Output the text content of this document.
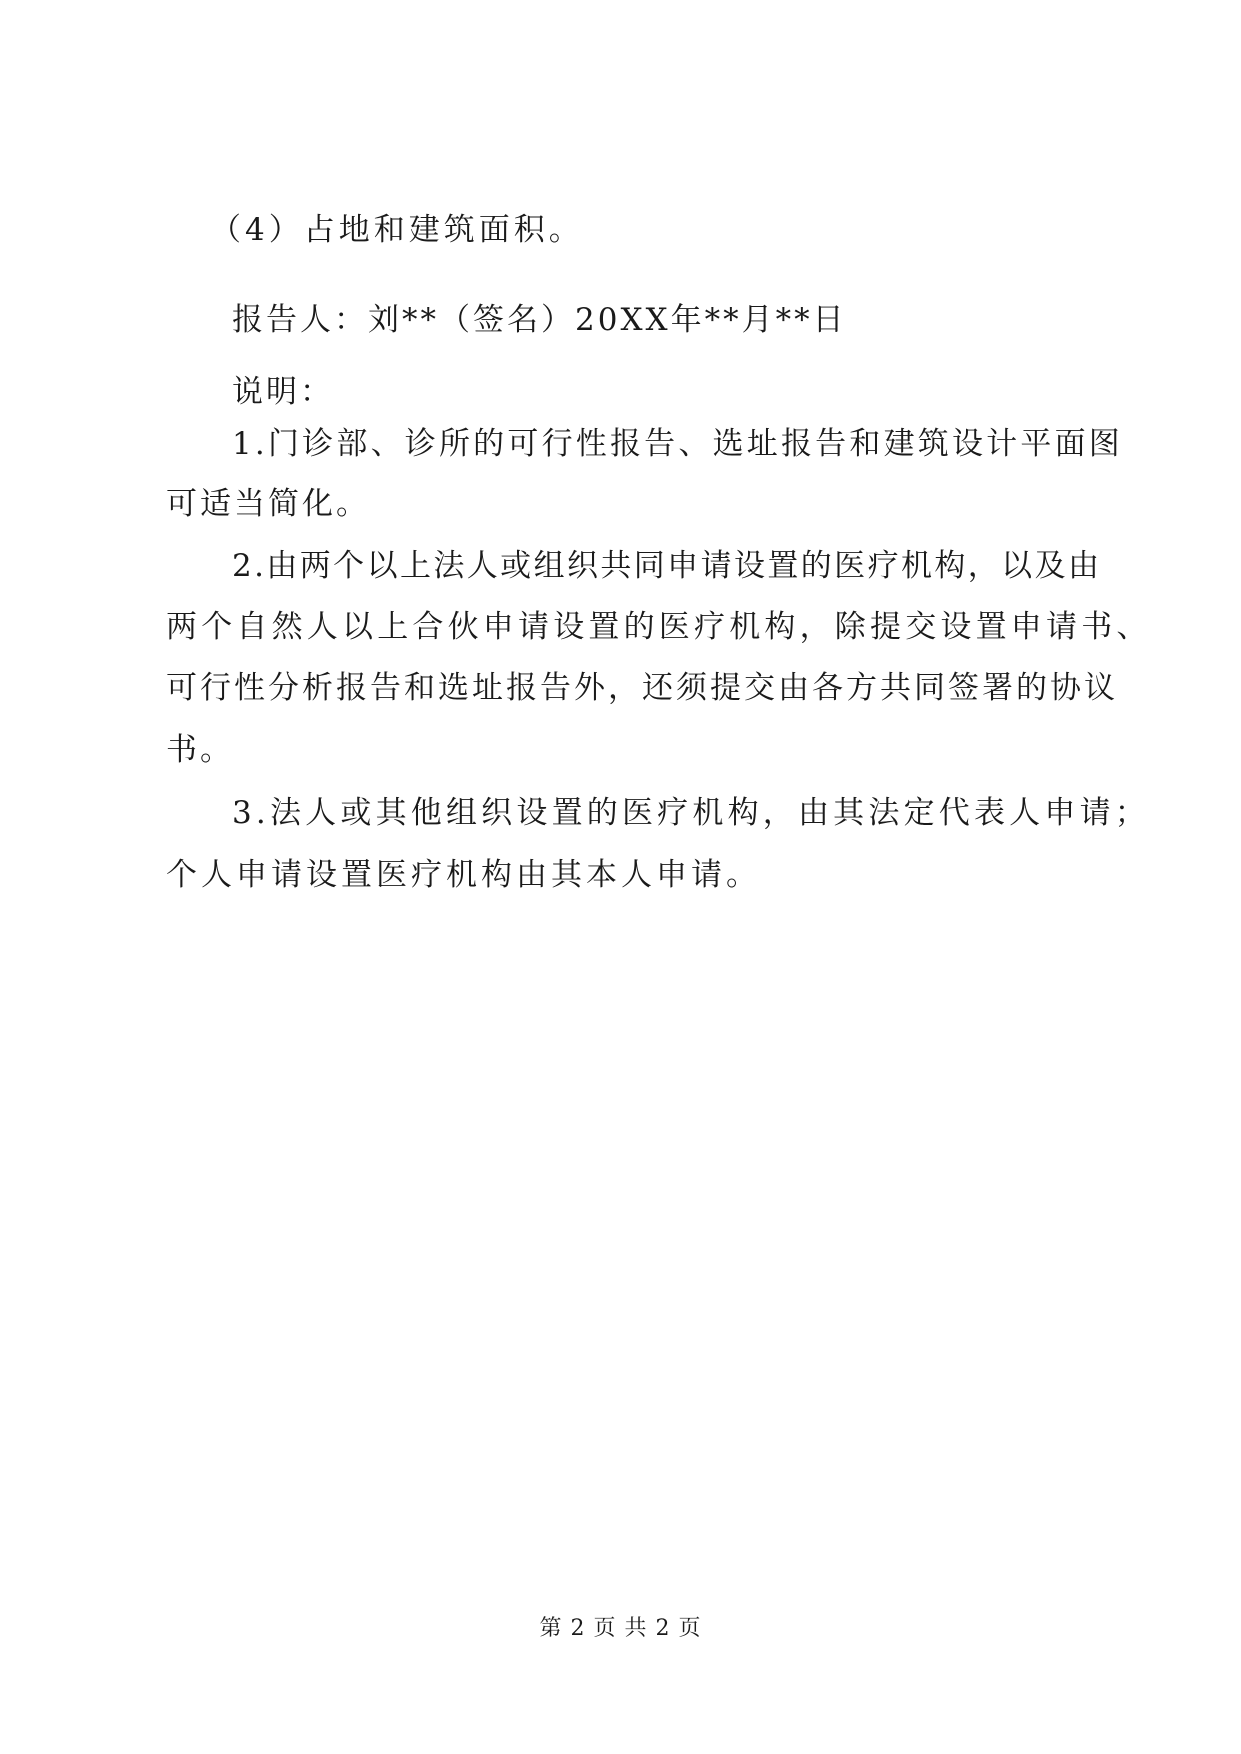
（4）占地和建筑面积。
报告人：刘**（签名）20XX年**月**日
说明：
1.门诊部、诊所的可行性报告、选址报告和建筑设计平面图
可适当简化。
2.由两个以上法人或组织共同申请设置的医疗机构，以及由
两个自然人以上合伙申请设置的医疗机构，除提交设置申请书、
可行性分析报告和选址报告外，还须提交由各方共同签署的协议
书。
3.法人或其他组织设置的医疗机构，由其法定代表人申请；
个人申请设置医疗机构由其本人申请。
第 2 页 共 2 页
